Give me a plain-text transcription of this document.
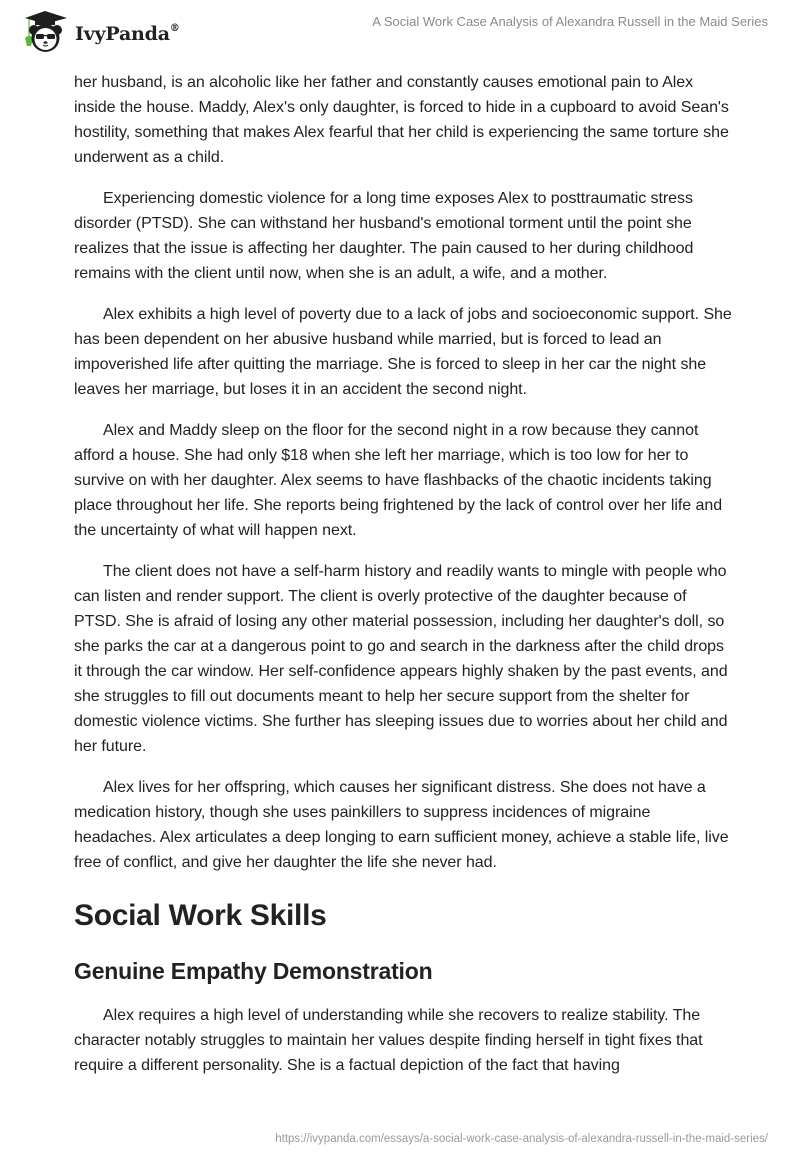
IvyPanda®	A Social Work Case Analysis of Alexandra Russell in the Maid Series

her husband, is an alcoholic like her father and constantly causes emotional pain to Alex inside the house. Maddy, Alex's only daughter, is forced to hide in a cupboard to avoid Sean's hostility, something that makes Alex fearful that her child is experiencing the same torture she underwent as a child.

Experiencing domestic violence for a long time exposes Alex to posttraumatic stress disorder (PTSD). She can withstand her husband's emotional torment until the point she realizes that the issue is affecting her daughter. The pain caused to her during childhood remains with the client until now, when she is an adult, a wife, and a mother.

Alex exhibits a high level of poverty due to a lack of jobs and socioeconomic support. She has been dependent on her abusive husband while married, but is forced to lead an impoverished life after quitting the marriage. She is forced to sleep in her car the night she leaves her marriage, but loses it in an accident the second night.

Alex and Maddy sleep on the floor for the second night in a row because they cannot afford a house. She had only $18 when she left her marriage, which is too low for her to survive on with her daughter. Alex seems to have flashbacks of the chaotic incidents taking place throughout her life. She reports being frightened by the lack of control over her life and the uncertainty of what will happen next.

The client does not have a self-harm history and readily wants to mingle with people who can listen and render support. The client is overly protective of the daughter because of PTSD. She is afraid of losing any other material possession, including her daughter's doll, so she parks the car at a dangerous point to go and search in the darkness after the child drops it through the car window. Her self-confidence appears highly shaken by the past events, and she struggles to fill out documents meant to help her secure support from the shelter for domestic violence victims. She further has sleeping issues due to worries about her child and her future.

Alex lives for her offspring, which causes her significant distress. She does not have a medication history, though she uses painkillers to suppress incidences of migraine headaches. Alex articulates a deep longing to earn sufficient money, achieve a stable life, live free of conflict, and give her daughter the life she never had.

Social Work Skills
Genuine Empathy Demonstration

Alex requires a high level of understanding while she recovers to realize stability. The character notably struggles to maintain her values despite finding herself in tight fixes that require a different personality. She is a factual depiction of the fact that having

https://ivypanda.com/essays/a-social-work-case-analysis-of-alexandra-russell-in-the-maid-series/
